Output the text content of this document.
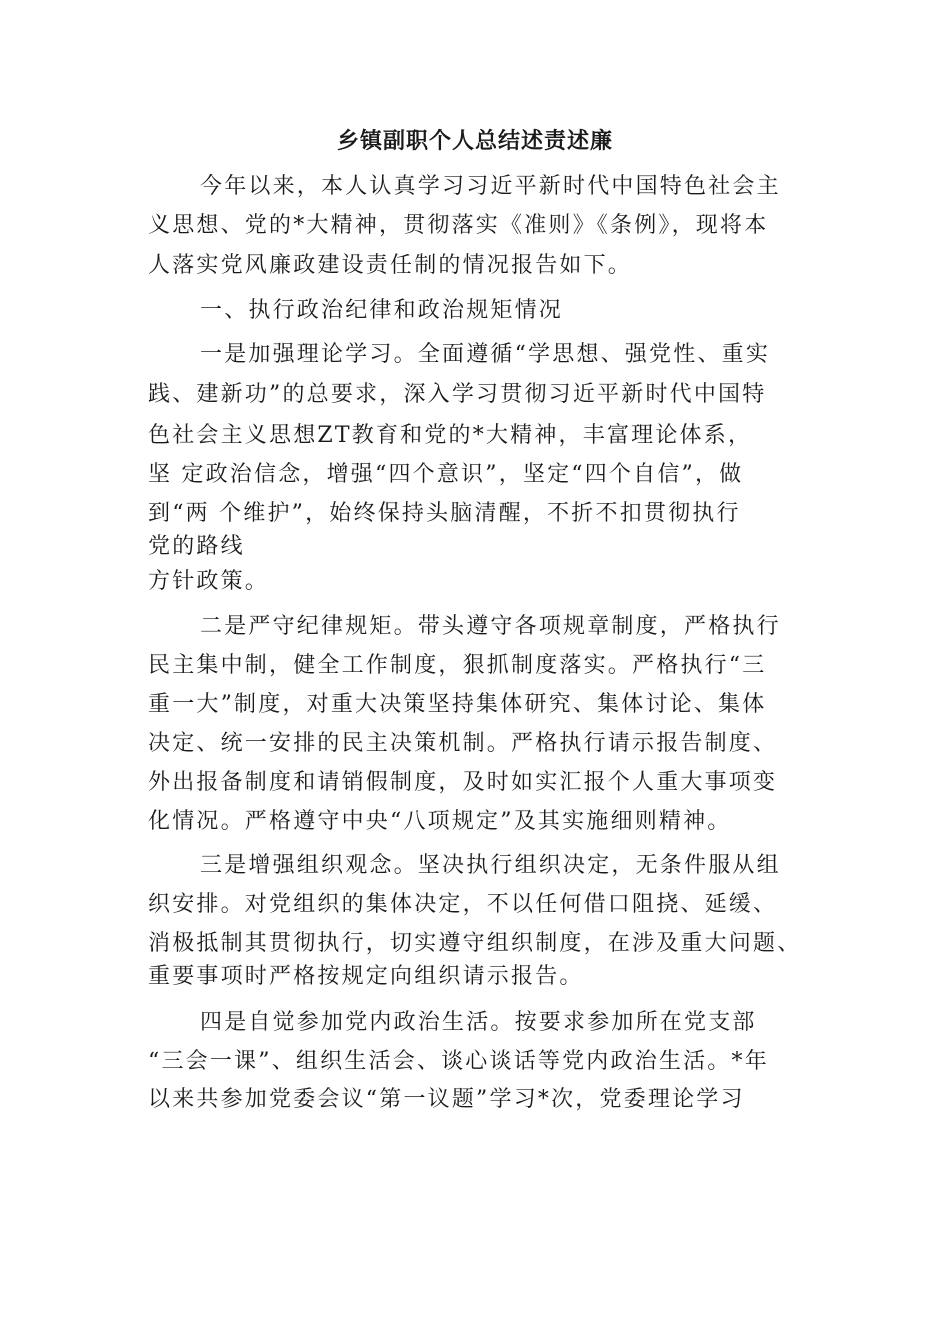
乡镇副职个人总结述责述廉
今年以来，本人认真学习习近平新时代中国特色社会主
义思想、党的*大精神，贯彻落实《准则》《条例》，现将本
人落实党风廉政建设责任制的情况报告如下。
一、执行政治纪律和政治规矩情况
一是加强理论学习。全面遵循“学思想、强党性、重实
践、建新功”的总要求，深入学习贯彻习近平新时代中国特
色社会主义思想ZT教育和党的*大精神，丰富理论体系，
坚 定政治信念，增强“四个意识”，坚定“四个自信”，做
到“两 个维护”，始终保持头脑清醒，不折不扣贯彻执行
党的路线
方针政策。
二是严守纪律规矩。带头遵守各项规章制度，严格执行
民主集中制，健全工作制度，狠抓制度落实。严格执行“三
重一大”制度，对重大决策坚持集体研究、集体讨论、集体
决定、统一安排的民主决策机制。严格执行请示报告制度、
外出报备制度和请销假制度，及时如实汇报个人重大事项变
化情况。严格遵守中央“八项规定”及其实施细则精神。
三是增强组织观念。坚决执行组织决定，无条件服从组
织安排。对党组织的集体决定，不以任何借口阻挠、延缓、
消极抵制其贯彻执行，切实遵守组织制度，在涉及重大问题、
重要事项时严格按规定向组织请示报告。
四是自觉参加党内政治生活。按要求参加所在党支部
“三会一课”、组织生活会、谈心谈话等党内政治生活。*年
以来共参加党委会议“第一议题”学习*次，党委理论学习
